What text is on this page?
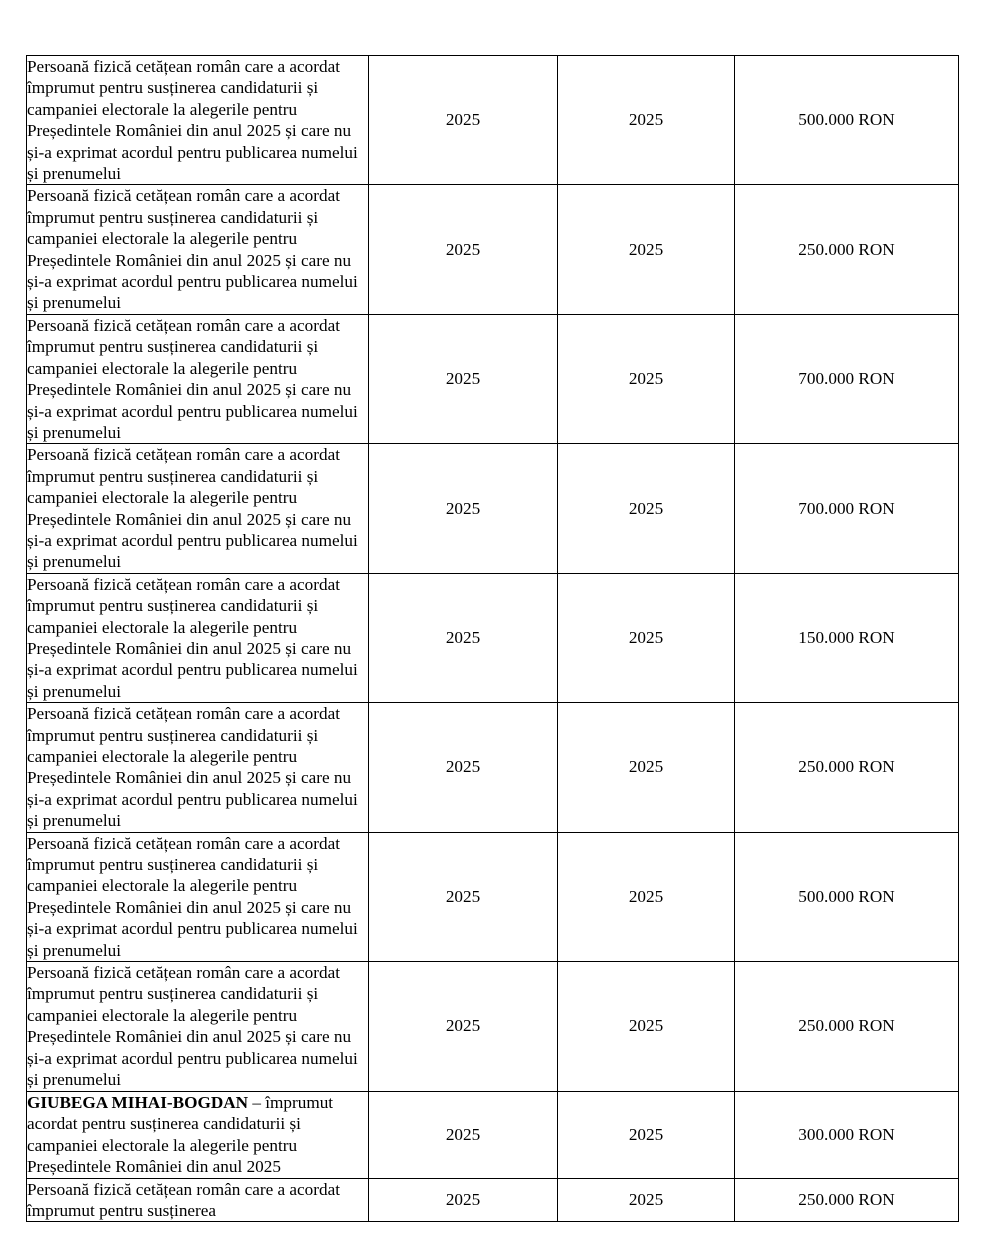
Persoană fizică cetățean român care a acordat împrumut pentru susținerea candidaturii și campaniei electorale la alegerile pentru Președintele României din anul 2025 și care nu și-a exprimat acordul pentru publicarea numelui și prenumelui	2025	2025	500.000 RON
Persoană fizică cetățean român care a acordat împrumut pentru susținerea candidaturii și campaniei electorale la alegerile pentru Președintele României din anul 2025 și care nu și-a exprimat acordul pentru publicarea numelui și prenumelui	2025	2025	250.000 RON
Persoană fizică cetățean român care a acordat împrumut pentru susținerea candidaturii și campaniei electorale la alegerile pentru Președintele României din anul 2025 și care nu și-a exprimat acordul pentru publicarea numelui și prenumelui	2025	2025	700.000 RON
Persoană fizică cetățean român care a acordat împrumut pentru susținerea candidaturii și campaniei electorale la alegerile pentru Președintele României din anul 2025 și care nu și-a exprimat acordul pentru publicarea numelui și prenumelui	2025	2025	700.000 RON
Persoană fizică cetățean român care a acordat împrumut pentru susținerea candidaturii și campaniei electorale la alegerile pentru Președintele României din anul 2025 și care nu și-a exprimat acordul pentru publicarea numelui și prenumelui	2025	2025	150.000 RON
Persoană fizică cetățean român care a acordat împrumut pentru susținerea candidaturii și campaniei electorale la alegerile pentru Președintele României din anul 2025 și care nu și-a exprimat acordul pentru publicarea numelui și prenumelui	2025	2025	250.000 RON
Persoană fizică cetățean român care a acordat împrumut pentru susținerea candidaturii și campaniei electorale la alegerile pentru Președintele României din anul 2025 și care nu și-a exprimat acordul pentru publicarea numelui și prenumelui	2025	2025	500.000 RON
Persoană fizică cetățean român care a acordat împrumut pentru susținerea candidaturii și campaniei electorale la alegerile pentru Președintele României din anul 2025 și care nu și-a exprimat acordul pentru publicarea numelui și prenumelui	2025	2025	250.000 RON
GIUBEGA MIHAI-BOGDAN – împrumut acordat pentru susținerea candidaturii și campaniei electorale la alegerile pentru Președintele României din anul 2025	2025	2025	300.000 RON
Persoană fizică cetățean român care a acordat împrumut pentru susținerea	2025	2025	250.000 RON
